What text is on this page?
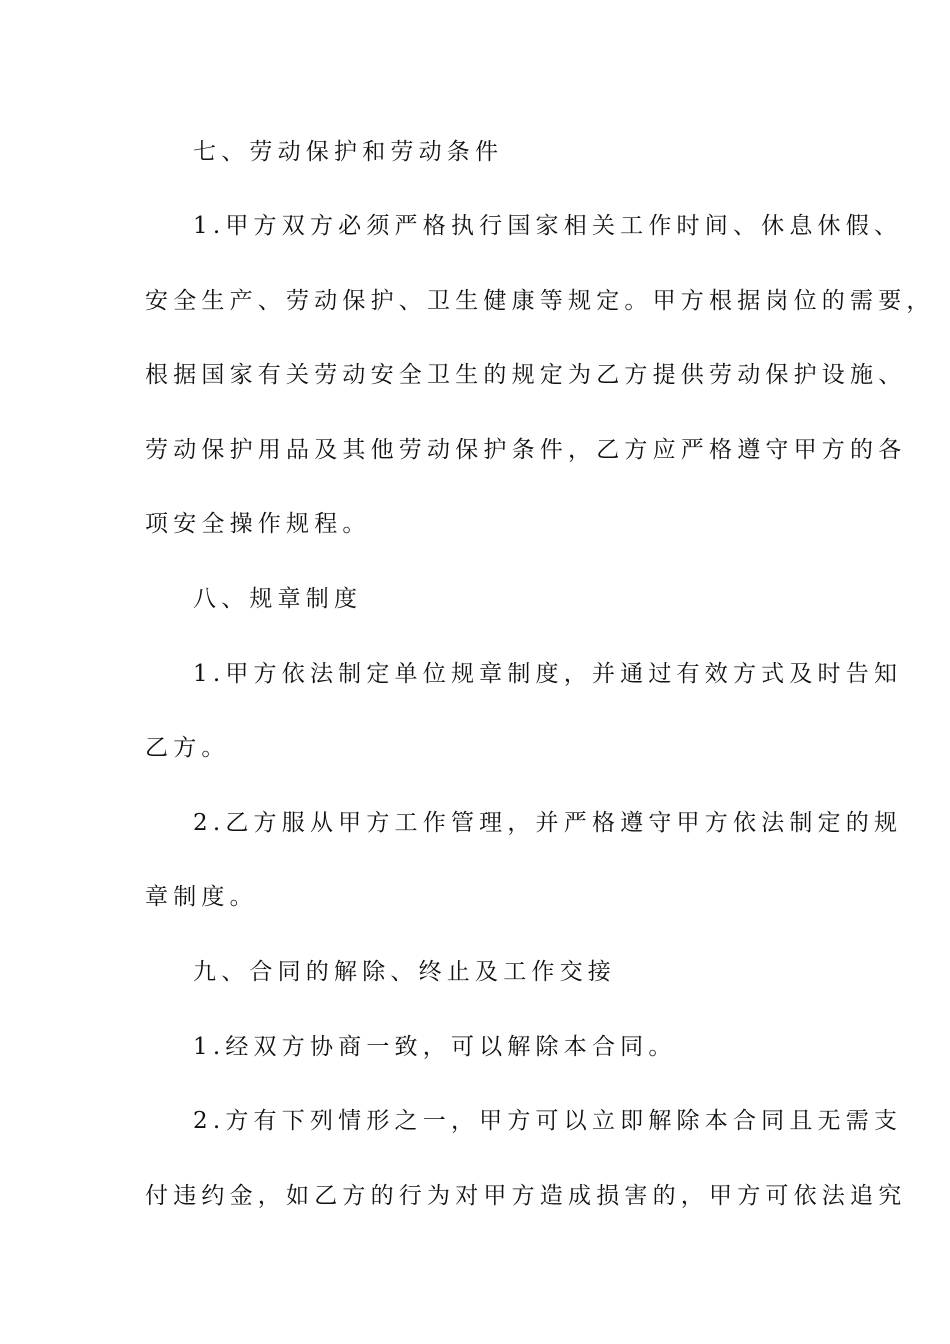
七、劳动保护和劳动条件
1.甲方双方必须严格执行国家相关工作时间、休息休假、
安全生产、劳动保护、卫生健康等规定。甲方根据岗位的需要，
根据国家有关劳动安全卫生的规定为乙方提供劳动保护设施、
劳动保护用品及其他劳动保护条件，乙方应严格遵守甲方的各
项安全操作规程。
八、规章制度
1.甲方依法制定单位规章制度，并通过有效方式及时告知
乙方。
2.乙方服从甲方工作管理，并严格遵守甲方依法制定的规
章制度。
九、合同的解除、终止及工作交接
1.经双方协商一致，可以解除本合同。
2.方有下列情形之一，甲方可以立即解除本合同且无需支
付违约金，如乙方的行为对甲方造成损害的，甲方可依法追究
